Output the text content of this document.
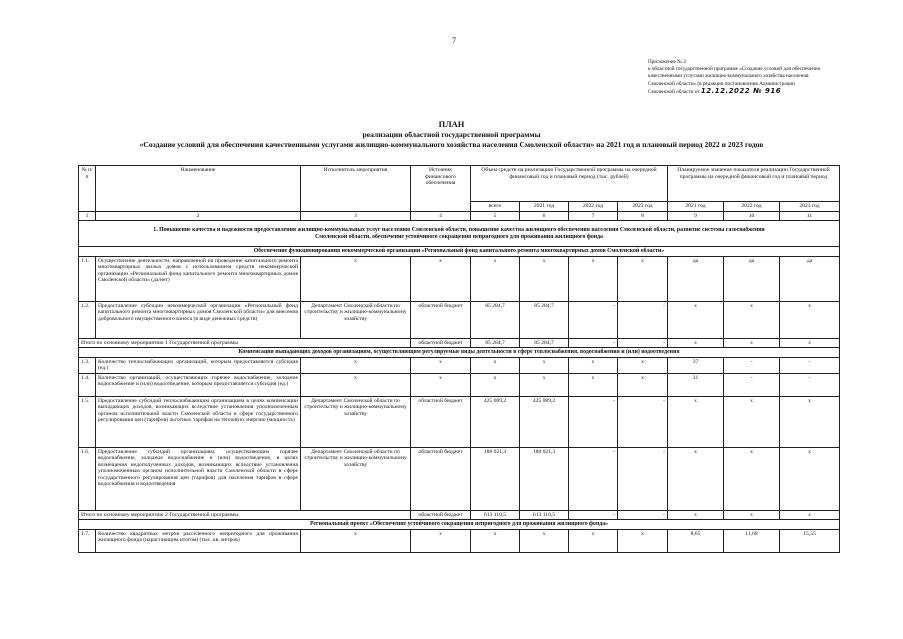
7
Приложение № 2
к областной государственной программе «Создание условий для обеспечения
качественными услугами жилищно-коммунального хозяйства населения
Смоленской области» (в редакции постановления Администрации
Смоленской области от 12.12.2022 № 916
ПЛАН
реализации областной государственной программы
«Создание условий для обеспечения качественными услугами жилищно-коммунального хозяйства населения Смоленской области» на 2021 год и плановый период 2022 и 2023 годов
№ п/п	Наименование	Исполнитель мероприятия	Источник финансового обеспечения	Объем средств на реализацию Государственной программы на очередной финансовый год и плановый период (тыс. рублей)				Планируемое значение показателя реализации Государственной программы на очередной финансовый год и плановый период		
				всего	2021 год	2022 год	2023 год	2021 год	2022 год	2023 год
1	2	3	4	5	6	7	8	9	10	11
1. Повышение качества и надежности предоставления жилищно-коммунальных услуг населению Смоленской области, повышение качества жилищного обеспечения населения Смоленской области, развитие системы газоснабжения Смоленской области, обеспечение устойчивого сокращения непригодного для проживания жилищного фонда										
Обеспечение функционирования некоммерческой организации «Региональный фонд капитального ремонта многоквартирных домов Смоленской области»										
1.1.	Осуществление деятельности, направленной на проведение капитального ремонта многоквартирных жилых домов с использованием средств некоммерческой организации «Региональный фонд капитального ремонта многоквартирных домов Смоленской области» (да/нет)	х	х	х	х	х	х	да	да	да
1.2.	Предоставление субсидии некоммерческой организации «Региональный фонд капитального ремонта многоквартирных домов Смоленской области» для внесения добровольного имущественного взноса (в виде денежных средств)	Департамент Смоленской области по строительству и жилищно-коммунальному хозяйству	областной бюджет	85 284,7	85 284,7	-	-	х	х	х
Итого по основному мероприятию 1 Государственной программы			областной бюджет	85 284,7	85 284,7	-	-	х	х	х
Компенсация выпадающих доходов организациям, осуществляющим регулируемые виды деятельности в сфере теплоснабжения, водоснабжения и (или) водоотведения										
1.3.	Количество теплоснабжающих организаций, которым предоставляется субсидия (ед.)	х	х	х	х	х	х	37	-	-
1.4.	Количество организаций, осуществляющих горячее водоснабжение, холодное водоснабжение и (или) водоотведение, которым предоставляется субсидия (ед.)	х	х	х	х	х	х	31	-	-
1.5.	Предоставление субсидий теплоснабжающим организациям в целях компенсации выпадающих доходов, возникающих вследствие установления уполномоченным органом исполнительной власти Смоленской области в сфере государственного регулирования цен (тарифов) льготных тарифов на тепловую энергию (мощность)	Департамент Смоленской области по строительству и жилищно-коммунальному хозяйству	областной бюджет	425 089,2	425 089,2	-	-	х	х	х
1.6.	Предоставление субсидий организациям, осуществляющим горячее водоснабжение, холодное водоснабжение и (или) водоотведение, в целях возмещения недополученных доходов, возникающих вследствие установления уполномоченным органом исполнительной власти Смоленской области в сфере государственного регулирования цен (тарифов) для населения тарифов в сфере водоснабжения и водоотведения	Департамент Смоленской области по строительству и жилищно-коммунальному хозяйству	областной бюджет	188 021,3	188 021,3	-	-	х	х	х
Итого по основному мероприятию 2 Государственной программы			областной бюджет	613 110,5	613 110,5	-	-	х	х	х
Региональный проект «Обеспечение устойчивого сокращения непригодного для проживания жилищного фонда»										
1.7.	Количество квадратных метров расселенного непригодного для проживания жилищного фонда (нарастающим итогом) (тыс. кв. метров)	х	х	х	х	х	х	8,65	11,68	15,55
